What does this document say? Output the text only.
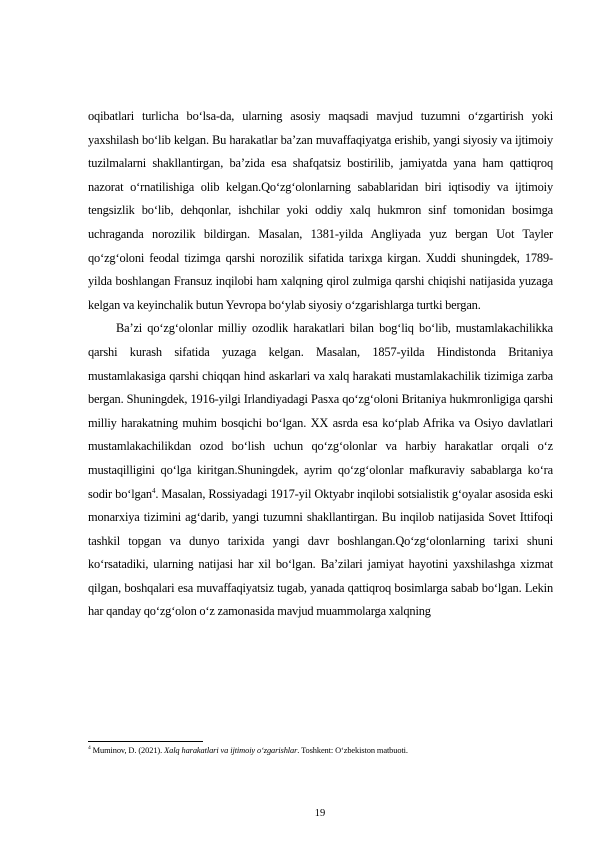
oqibatlari turlicha bo‘lsa-da, ularning asosiy maqsadi mavjud tuzumni o‘zgartirish yoki yaxshilash bo‘lib kelgan. Bu harakatlar ba’zan muvaffaqiyatga erishib, yangi siyosiy va ijtimoiy tuzilmalarni shakllantirgan, ba’zida esa shafqatsiz bostirilib, jamiyatda yana ham qattiqroq nazorat o‘rnatilishiga olib kelgan.Qo‘zg‘olonlarning sabablaridan biri iqtisodiy va ijtimoiy tengsizlik bo‘lib, dehqonlar, ishchilar yoki oddiy xalq hukmron sinf tomonidan bosimga uchraganda norozilik bildirgan. Masalan, 1381-yilda Angliyada yuz bergan Uot Tayler qo‘zg‘oloni feodal tizimga qarshi norozilik sifatida tarixga kirgan. Xuddi shuningdek, 1789-yilda boshlangan Fransuz inqilobi ham xalqning qirol zulmiga qarshi chiqishi natijasida yuzaga kelgan va keyinchalik butun Yevropa bo‘ylab siyosiy o‘zgarishlarga turtki bergan.

Ba’zi qo‘zg‘olonlar milliy ozodlik harakatlari bilan bog‘liq bo‘lib, mustamlakachilikka qarshi kurash sifatida yuzaga kelgan. Masalan, 1857-yilda Hindistonda Britaniya mustamlakasiga qarshi chiqqan hind askarlari va xalq harakati mustamlakachilik tizimiga zarba bergan. Shuningdek, 1916-yilgi Irlandiyadagi Pasxa qo‘zg‘oloni Britaniya hukmronligiga qarshi milliy harakatning muhim bosqichi bo‘lgan. XX asrda esa ko‘plab Afrika va Osiyo davlatlari mustamlakachilikdan ozod bo‘lish uchun qo‘zg‘olonlar va harbiy harakatlar orqali o‘z mustaqilligini qo‘lga kiritgan.Shuningdek, ayrim qo‘zg‘olonlar mafkuraviy sabablarga ko‘ra sodir bo‘lgan$^4$. Masalan, Rossiyadagi 1917-yil Oktyabr inqilobi sotsialistik g‘oyalar asosida eski monarxiya tizimini ag‘darib, yangi tuzumni shakllantirgan. Bu inqilob natijasida Sovet Ittifoqi tashkil topgan va dunyo tarixida yangi davr boshlangan.Qo‘zg‘olonlarning tarixi shuni ko‘rsatadiki, ularning natijasi har xil bo‘lgan. Ba’zilari jamiyat hayotini yaxshilashga xizmat qilgan, boshqalari esa muvaffaqiyatsiz tugab, yanada qattiqroq bosimlarga sabab bo‘lgan. Lekin har qanday qo‘zg‘olon o‘z zamonasida mavjud muammolarga xalqning

$^4$ Muminov, D. (2021). Xalq harakatlari va ijtimoiy o‘zgarishlar. Toshkent: O‘zbekiston matbuoti.
19
